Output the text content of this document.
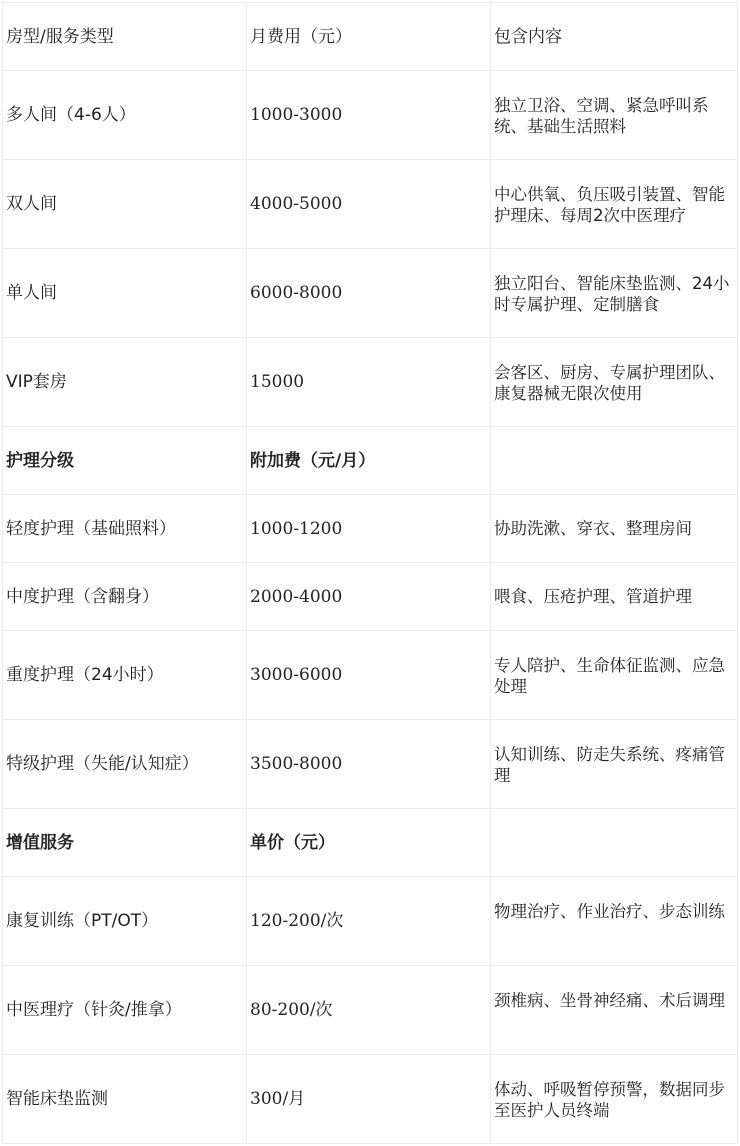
房型/服务类型	月费用（元）	包含内容
多人间（4-6人）	1000-3000	独立卫浴、空调、紧急呼叫系统、基础生活照料
双人间	4000-5000	中心供氧、负压吸引装置、智能护理床、每周2次中医理疗
单人间	6000-8000	独立阳台、智能床垫监测、24小时专属护理、定制膳食
VIP套房	15000	会客区、厨房、专属护理团队、康复器械无限次使用
护理分级	附加费（元/月）	
轻度护理（基础照料）	1000-1200	协助洗漱、穿衣、整理房间
中度护理（含翻身）	2000-4000	喂食、压疮护理、管道护理
重度护理（24小时）	3000-6000	专人陪护、生命体征监测、应急处理
特级护理（失能/认知症）	3500-8000	认知训练、防走失系统、疼痛管理
增值服务	单价（元）	
康复训练（PT/OT）	120-200/次	物理治疗、作业治疗、步态训练
中医理疗（针灸/推拿）	80-200/次	颈椎病、坐骨神经痛、术后调理
智能床垫监测	300/月	体动、呼吸暂停预警，数据同步至医护人员终端
